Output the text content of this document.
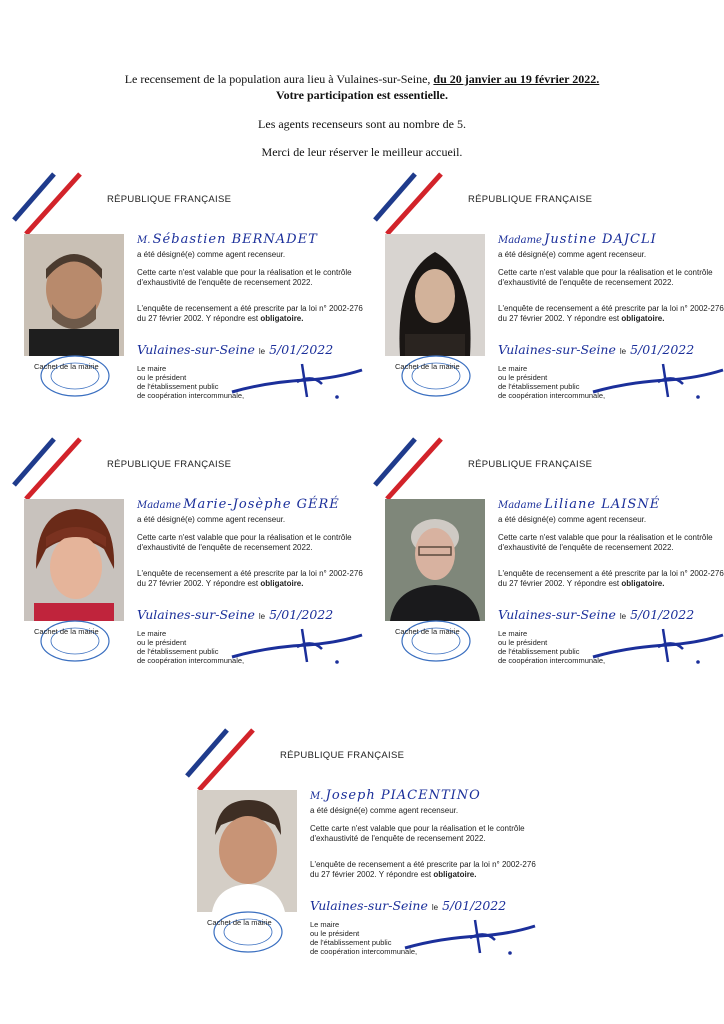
Le recensement de la population aura lieu à Vulaines-sur-Seine, du 20 janvier au 19 février 2022.
Votre participation est essentielle.
Les agents recenseurs sont au nombre de 5.
Merci de leur réserver le meilleur accueil.
RÉPUBLIQUE FRANÇAISE
M. Sébastien BERNADET
a été désigné(e) comme agent recenseur.
Cette carte n'est valable que pour la réalisation et le contrôle d'exhaustivité de l'enquête de recensement 2022.
L'enquête de recensement a été prescrite par la loi n° 2002-276 du 27 février 2002. Y répondre est obligatoire.
Vulaines-sur-Seine le 5/01/2022
Le maire
ou le président
de l'établissement public
de coopération intercommunale,
Cachet de la mairie
RÉPUBLIQUE FRANÇAISE
Madame Justine DAJCLI
a été désigné(e) comme agent recenseur.
Cette carte n'est valable que pour la réalisation et le contrôle d'exhaustivité de l'enquête de recensement 2022.
L'enquête de recensement a été prescrite par la loi n° 2002-276 du 27 février 2002. Y répondre est obligatoire.
Vulaines-sur-Seine le 5/01/2022
Le maire
ou le président
de l'établissement public
de coopération intercommunale,
Cachet de la mairie
RÉPUBLIQUE FRANÇAISE
Madame Marie-Josèphe GÉRÉ
a été désigné(e) comme agent recenseur.
Cette carte n'est valable que pour la réalisation et le contrôle d'exhaustivité de l'enquête de recensement 2022.
L'enquête de recensement a été prescrite par la loi n° 2002-276 du 27 février 2002. Y répondre est obligatoire.
Vulaines-sur-Seine le 5/01/2022
Le maire
ou le président
de l'établissement public
de coopération intercommunale,
Cachet de la mairie
RÉPUBLIQUE FRANÇAISE
Madame Liliane LAISNÉ
a été désigné(e) comme agent recenseur.
Cette carte n'est valable que pour la réalisation et le contrôle d'exhaustivité de l'enquête de recensement 2022.
L'enquête de recensement a été prescrite par la loi n° 2002-276 du 27 février 2002. Y répondre est obligatoire.
Vulaines-sur-Seine le 5/01/2022
Le maire
ou le président
de l'établissement public
de coopération intercommunale,
Cachet de la mairie
RÉPUBLIQUE FRANÇAISE
M. Joseph PIACENTINO
a été désigné(e) comme agent recenseur.
Cette carte n'est valable que pour la réalisation et le contrôle d'exhaustivité de l'enquête de recensement 2022.
L'enquête de recensement a été prescrite par la loi n° 2002-276 du 27 février 2002. Y répondre est obligatoire.
Vulaines-sur-Seine le 5/01/2022
Le maire
ou le président
de l'établissement public
de coopération intercommunale,
Cachet de la mairie
